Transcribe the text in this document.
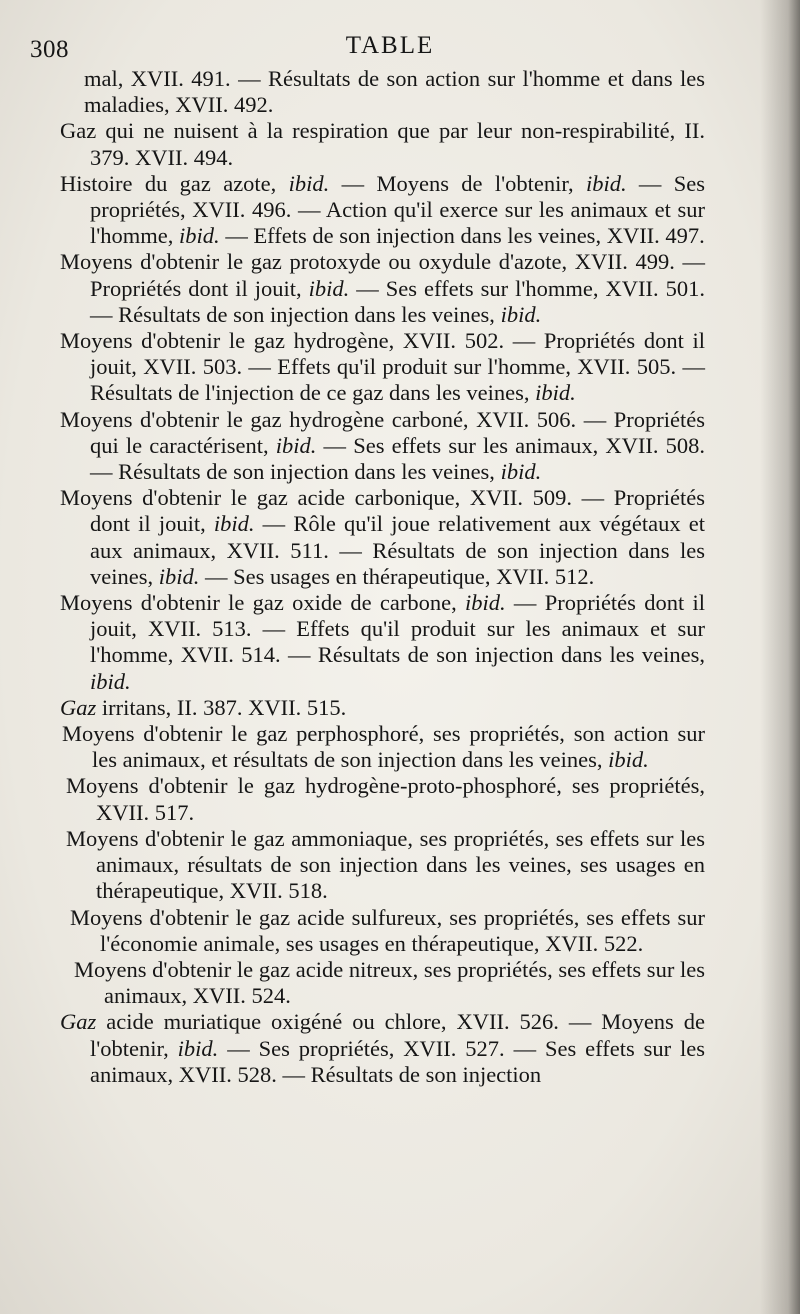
308	TABLE

mal, XVII. 491. — Résultats de son action sur l'homme et dans les maladies, XVII. 492.

Gaz qui ne nuisent à la respiration que par leur non-respirabilité, II. 379. XVII. 494.

Histoire du gaz azote, ibid. — Moyens de l'obtenir, ibid. — Ses propriétés, XVII. 496. — Action qu'il exerce sur les animaux et sur l'homme, ibid. — Effets de son injection dans les veines, XVII. 497.

Moyens d'obtenir le gaz protoxyde ou oxydule d'azote, XVII. 499. — Propriétés dont il jouit, ibid. — Ses effets sur l'homme, XVII. 501. — Résultats de son injection dans les veines, ibid.

Moyens d'obtenir le gaz hydrogène, XVII. 502. — Propriétés dont il jouit, XVII. 503. — Effets qu'il produit sur l'homme, XVII. 505. — Résultats de l'injection de ce gaz dans les veines, ibid.

Moyens d'obtenir le gaz hydrogène carboné, XVII. 506. — Propriétés qui le caractérisent, ibid. — Ses effets sur les animaux, XVII. 508. — Résultats de son injection dans les veines, ibid.

Moyens d'obtenir le gaz acide carbonique, XVII. 509. — Propriétés dont il jouit, ibid. — Rôle qu'il joue relativement aux végétaux et aux animaux, XVII. 511. — Résultats de son injection dans les veines, ibid. — Ses usages en thérapeutique, XVII. 512.

Moyens d'obtenir le gaz oxide de carbone, ibid. — Propriétés dont il jouit, XVII. 513. — Effets qu'il produit sur les animaux et sur l'homme, XVII. 514. — Résultats de son injection dans les veines, ibid.

Gaz irritans, II. 387. XVII. 515.

Moyens d'obtenir le gaz perphosphoré, ses propriétés, son action sur les animaux, et résultats de son injection dans les veines, ibid.

Moyens d'obtenir le gaz hydrogène-proto-phosphoré, ses propriétés, XVII. 517.

Moyens d'obtenir le gaz ammoniaque, ses propriétés, ses effets sur les animaux, résultats de son injection dans les veines, ses usages en thérapeutique, XVII. 518.

Moyens d'obtenir le gaz acide sulfureux, ses propriétés, ses effets sur l'économie animale, ses usages en thérapeutique, XVII. 522.

Moyens d'obtenir le gaz acide nitreux, ses propriétés, ses effets sur les animaux, XVII. 524.

Gaz acide muriatique oxigéné ou chlore, XVII. 526. — Moyens de l'obtenir, ibid. — Ses propriétés, XVII. 527. — Ses effets sur les animaux, XVII. 528. — Résultats de son injection
